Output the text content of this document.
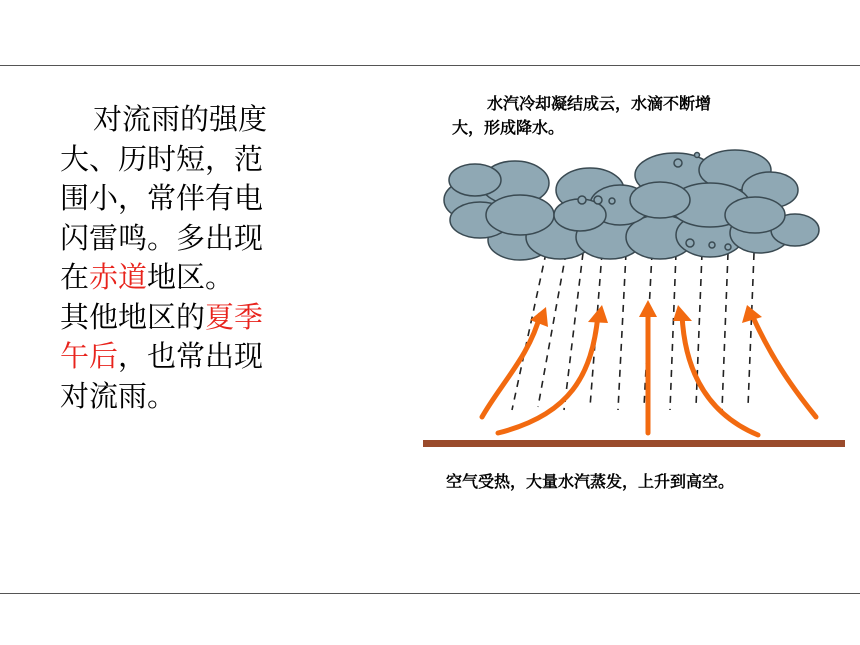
对流雨的强度
大、历时短，范
围小，常伴有电
闪雷鸣。多出现
在赤道地区。
其他地区的夏季
午后，也常出现
对流雨。
水汽冷却凝结成云，水滴不断增
大，形成降水。
空气受热，大量水汽蒸发，上升到高空。
